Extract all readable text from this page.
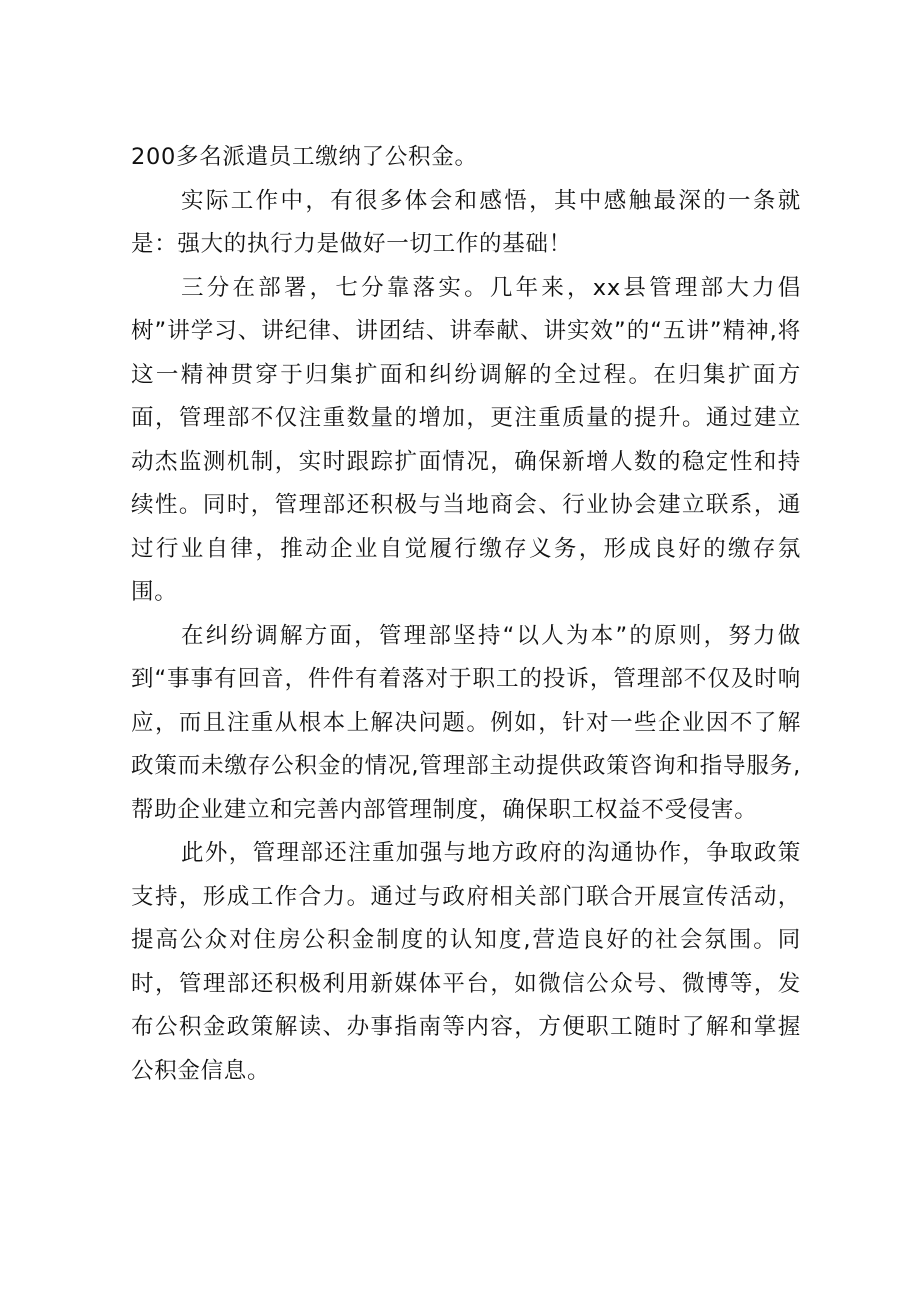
200多名派遣员工缴纳了公积金。

实际工作中，有很多体会和感悟，其中感触最深的一条就是：强大的执行力是做好一切工作的基础！

三分在部署，七分靠落实。几年来，xx县管理部大力倡树”讲学习、讲纪律、讲团结、讲奉献、讲实效”的“五讲”精神,将这一精神贯穿于归集扩面和纠纷调解的全过程。在归集扩面方面，管理部不仅注重数量的增加，更注重质量的提升。通过建立动杰监测机制，实时跟踪扩面情况，确保新增人数的稳定性和持续性。同时，管理部还积极与当地商会、行业协会建立联系，通过行业自律，推动企业自觉履行缴存义务，形成良好的缴存氛围。

在纠纷调解方面，管理部坚持“以人为本”的原则，努力做到“事事有回音，件件有着落对于职工的投诉，管理部不仅及时响应，而且注重从根本上解决问题。例如，针对一些企业因不了解政策而未缴存公积金的情况,管理部主动提供政策咨询和指导服务,帮助企业建立和完善内部管理制度，确保职工权益不受侵害。

此外，管理部还注重加强与地方政府的沟通协作，争取政策支持，形成工作合力。通过与政府相关部门联合开展宣传活动，提高公众对住房公积金制度的认知度,营造良好的社会氛围。同时，管理部还积极利用新媒体平台，如微信公众号、微博等，发布公积金政策解读、办事指南等内容，方便职工随时了解和掌握公积金信息。
